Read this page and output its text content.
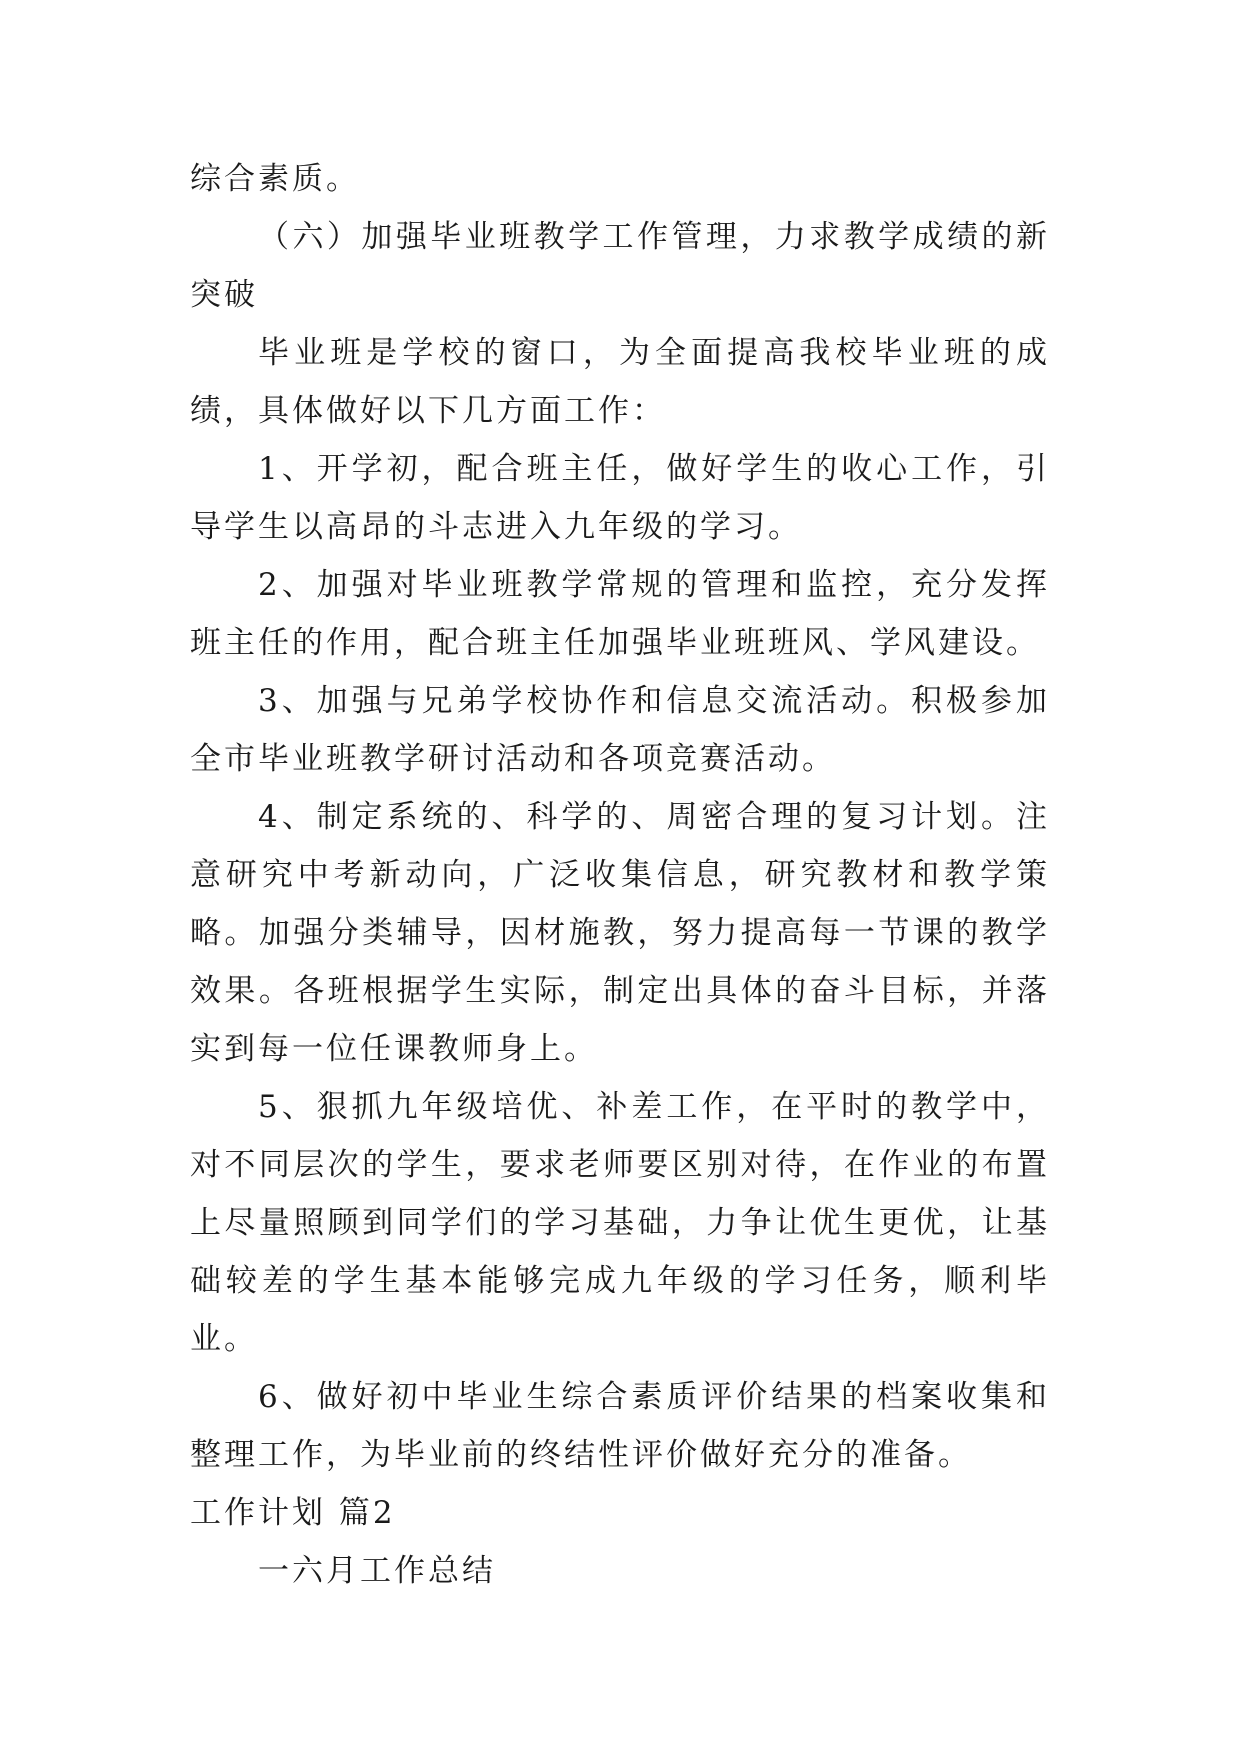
综合素质。

（六）加强毕业班教学工作管理，力求教学成绩的新突破

毕业班是学校的窗口，为全面提高我校毕业班的成绩，具体做好以下几方面工作：

1、开学初，配合班主任，做好学生的收心工作，引导学生以高昂的斗志进入九年级的学习。

2、加强对毕业班教学常规的管理和监控，充分发挥班主任的作用，配合班主任加强毕业班班风、学风建设。

3、加强与兄弟学校协作和信息交流活动。积极参加全市毕业班教学研讨活动和各项竞赛活动。

4、制定系统的、科学的、周密合理的复习计划。注意研究中考新动向，广泛收集信息，研究教材和教学策略。加强分类辅导，因材施教，努力提高每一节课的教学效果。各班根据学生实际，制定出具体的奋斗目标，并落实到每一位任课教师身上。

5、狠抓九年级培优、补差工作，在平时的教学中，对不同层次的学生，要求老师要区别对待，在作业的布置上尽量照顾到同学们的学习基础，力争让优生更优，让基础较差的学生基本能够完成九年级的学习任务，顺利毕业。

6、做好初中毕业生综合素质评价结果的档案收集和整理工作，为毕业前的终结性评价做好充分的准备。

工作计划 篇2

一六月工作总结
